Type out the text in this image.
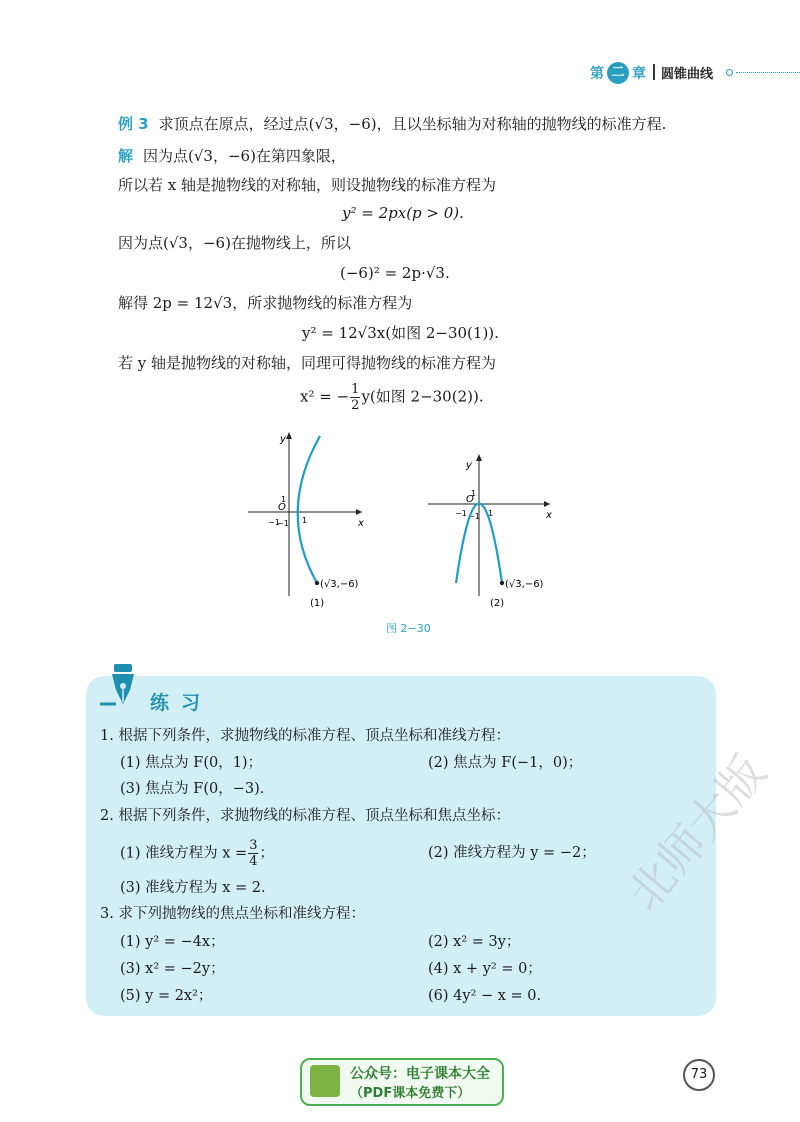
第 二 章 圆锥曲线
例 3 求顶点在原点，经过点(√3，−6)，且以坐标轴为对称轴的抛物线的标准方程.
解 因为点(√3，−6)在第四象限，
所以若 x 轴是抛物线的对称轴，则设抛物线的标准方程为
y² = 2px(p > 0).
因为点(√3，−6)在抛物线上，所以
(−6)² = 2p·√3.
解得 2p = 12√3，所求抛物线的标准方程为
y² = 12√3x(如图 2−30(1)).
若 y 轴是抛物线的对称轴，同理可得抛物线的标准方程为
x² = − $\frac{1}{2} y$(如图 2−30(2)).
x
y
O
−1	1
1
−1
(√3,−6)
(1)
x
y
O
−1	1
1
−1
(√3,−6)
(2)
图 2−30
练习
1. 根据下列条件，求抛物线的标准方程、顶点坐标和准线方程：
(1) 焦点为 F(0，1)；	(2) 焦点为 F(−1，0)；
(3) 焦点为 F(0，−3).
2. 根据下列条件，求抛物线的标准方程、顶点坐标和焦点坐标：
(1) 准线方程为 $x = \frac{3}{4}$ ；	(2) 准线方程为 y = −2；
(3) 准线方程为 x = 2.
3. 求下列抛物线的焦点坐标和准线方程：
(1) y² = −4x；	(2) x² = 3y；
(3) x² = −2y；	(4) x + y² = 0；
(5) y = 2x²；	(6) 4y² − x = 0.
北师大版
公众号：电子课本大全
（PDF课本免费下）
73
